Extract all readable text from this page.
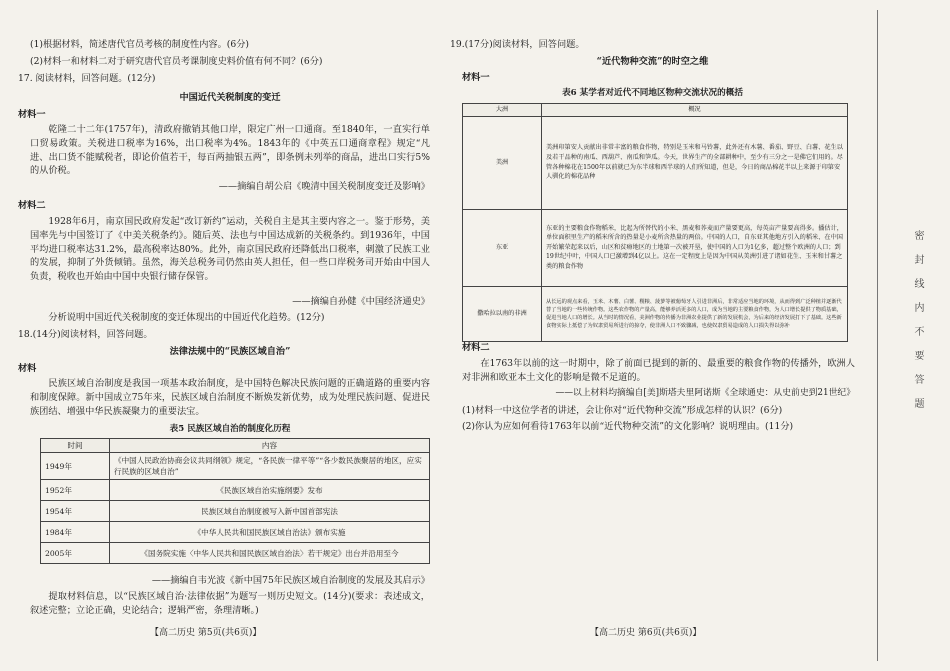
(1)根据材料，简述唐代官员考核的制度性内容。(6分)
(2)材料一和材料二对于研究唐代官员考课制度史料价值有何不同？(6分)
17. 阅读材料，回答问题。(12分)
中国近代关税制度的变迁
材料一
乾隆二十二年(1757年)，清政府撤销其他口岸，限定广州一口通商。至1840年，一直实行单口贸易政策。关税进口税率为16%，出口税率为4%。1843年的《中英五口通商章程》规定“凡进、出口货不能赋税者，即论价值若干，每百两抽银五两”，即条例未列举的商品，进出口实行5%的从价税。
——摘编自胡公启《晚清中国关税制度变迁及影响》
材料二
1928年6月，南京国民政府发起“改订新约”运动，关税自主是其主要内容之一。鉴于形势，美国率先与中国签订了《中美关税条约》。随后英、法也与中国达成新的关税条约。到1936年，中国平均进口税率达31.2%，最高税率达80%。此外，南京国民政府还降低出口税率，刺激了民族工业的发展，抑制了外货倾销。虽然，海关总税务司仍然由英人担任，但一些口岸税务司开始由中国人负责，税收也开始由中国中央银行储存保管。
——摘编自孙健《中国经济通史》
分析说明中国近代关税制度的变迁体现出的中国近代化趋势。(12分)
18.(14分)阅读材料，回答问题。
法律法规中的“民族区域自治”
材料
民族区域自治制度是我国一项基本政治制度，是中国特色解决民族问题的正确道路的重要内容和制度保障。新中国成立75年来，民族区域自治制度不断焕发新优势，成为处理民族问题、促进民族团结、增强中华民族凝聚力的重要法宝。
表5 民族区域自治的制度化历程
时间	内容
1949年	《中国人民政治协商会议共同纲领》规定，“各民族一律平等”“各少数民族聚居的地区，应实行民族的区域自治”
1952年	《民族区域自治实施纲要》发布
1954年	民族区域自治制度被写入新中国首部宪法
1984年	《中华人民共和国民族区域自治法》颁布实施
2005年	《国务院实施〈中华人民共和国民族区域自治法〉若干规定》出台并沿用至今
——摘编自韦光波《新中国75年民族区域自治制度的发展及其启示》
提取材料信息，以“民族区域自治·法律依据”为题写一则历史短文。(14分)(要求：表述成文，叙述完整；立论正确，史论结合；逻辑严密，条理清晰。)
【高二历史 第5页(共6页)】
19.(17分)阅读材料，回答问题。
“近代物种交流”的时空之维
材料一
表6 某学者对近代不同地区物种交流状况的概括
大洲	概况
美洲	美洲印第安人贡献出非常丰富的粮食作物，特别是玉米和马铃薯，此外还有木薯、番茄、野豆、白薯、花生以及若干品种的南瓜、西葫芦、南瓜和笋瓜。今天，世界生产的全部耕种中，至少有三分之一是佛它们用的。尽管各种棉花在1500年以前就已为东半球和西半球的人们所知道，但是，今日的商品棉花半以上来源于印第安人驯化的棉花品种
东亚	东亚的主要粮食作物稻米，比起为所替代的小米、黑麦和荞麦而产量要更高，每英亩产量要高得多。播估计，单位面积里生产的稻米所含的热量是小麦所含热量的两倍。中国的人口，自东亚其他地方引入的稻米、在中国开始繁荣起来以后，山区和贫瘠地区的土地第一次被开垦，使中国的人口为1亿多，超过整个欧洲的人口；到19世纪中叶，中国人口已激增到4亿以上。这在一定程度上是因为中国从美洲引进了诸如花生、玉米和甘薯之类的粮食作物
撒哈拉以南的非洲	从长远的观点来看，玉米、木薯、白薯、稷粮、菠萝等被葡萄牙人引进非洲后，非常适应当地的环境，从而得到广泛种植并逐渐代替了当地的一些传统作物。这些农作物的产量高，能够养活更多的人口，成为当地的主要粮食作物，为人口增长提供了物质基础，促进当地人口的增长。从当时的情况看，美洲作物的传播为非洲农业提供了新的发展机会，为后来的经济发展打下了基础。这些新食物实际上抵偿了为奴隶贸易所进行的掠夺，使非洲人口不致骤减，也使奴隶贸易造成的人口损失得以弥补
材料二
在1763年以前的这一时期中，除了前面已提到的新的、最重要的粮食作物的传播外，欧洲人对非洲和欧亚本土文化的影响是微不足道的。
——以上材料均摘编自[美]斯塔夫里阿诺斯《全球通史：从史前史到21世纪》
(1)材料一中这位学者的讲述，会让你对“近代物种交流”形成怎样的认识？(6分)
(2)你认为应如何看待1763年以前“近代物种交流”的文化影响？说明理由。(11分)
【高二历史 第6页(共6页)】
密封线内不要答题
